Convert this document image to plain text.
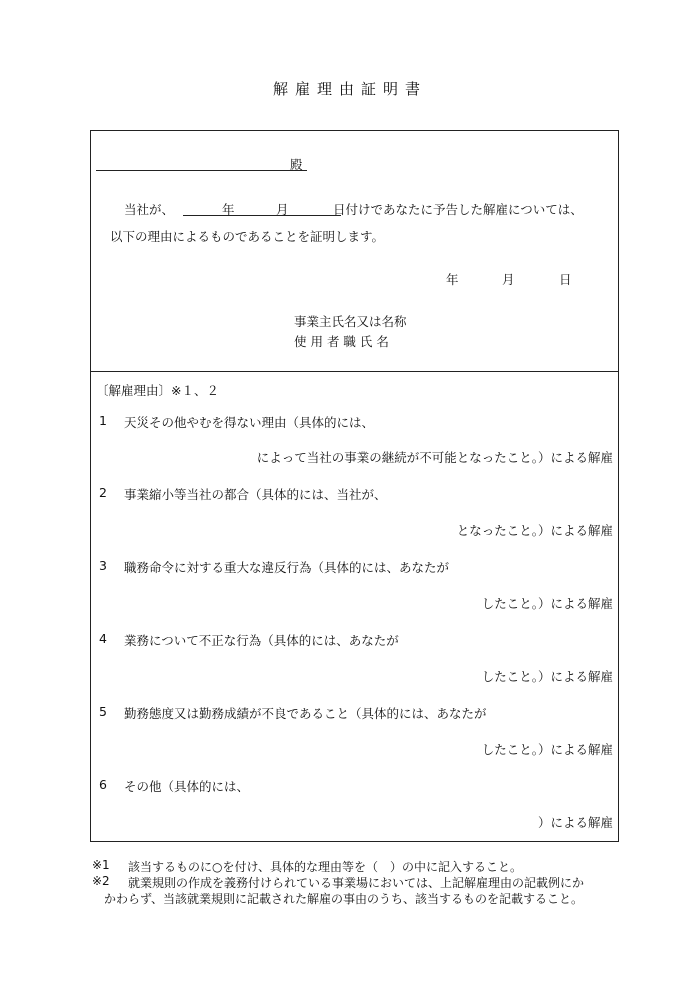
解雇理由証明書
殿
当社が、	年	月	日付けであなたに予告した解雇については、
以下の理由によるものであることを証明します。
年	月	日
事業主氏名又は名称
使 用 者 職 氏 名
〔解雇理由〕※１、２
1 天災その他やむを得ない理由（具体的には、
によって当社の事業の継続が不可能となったこと。）による解雇
2 事業縮小等当社の都合（具体的には、当社が、
となったこと。）による解雇
3 職務命令に対する重大な違反行為（具体的には、あなたが
したこと。）による解雇
4 業務について不正な行為（具体的には、あなたが
したこと。）による解雇
5 勤務態度又は勤務成績が不良であること（具体的には、あなたが
したこと。）による解雇
6 その他（具体的には、
）による解雇
※1 該当するものに○を付け、具体的な理由等を（　）の中に記入すること。
※2 就業規則の作成を義務付けられている事業場においては、上記解雇理由の記載例にか
かわらず、当該就業規則に記載された解雇の事由のうち、該当するものを記載すること。
